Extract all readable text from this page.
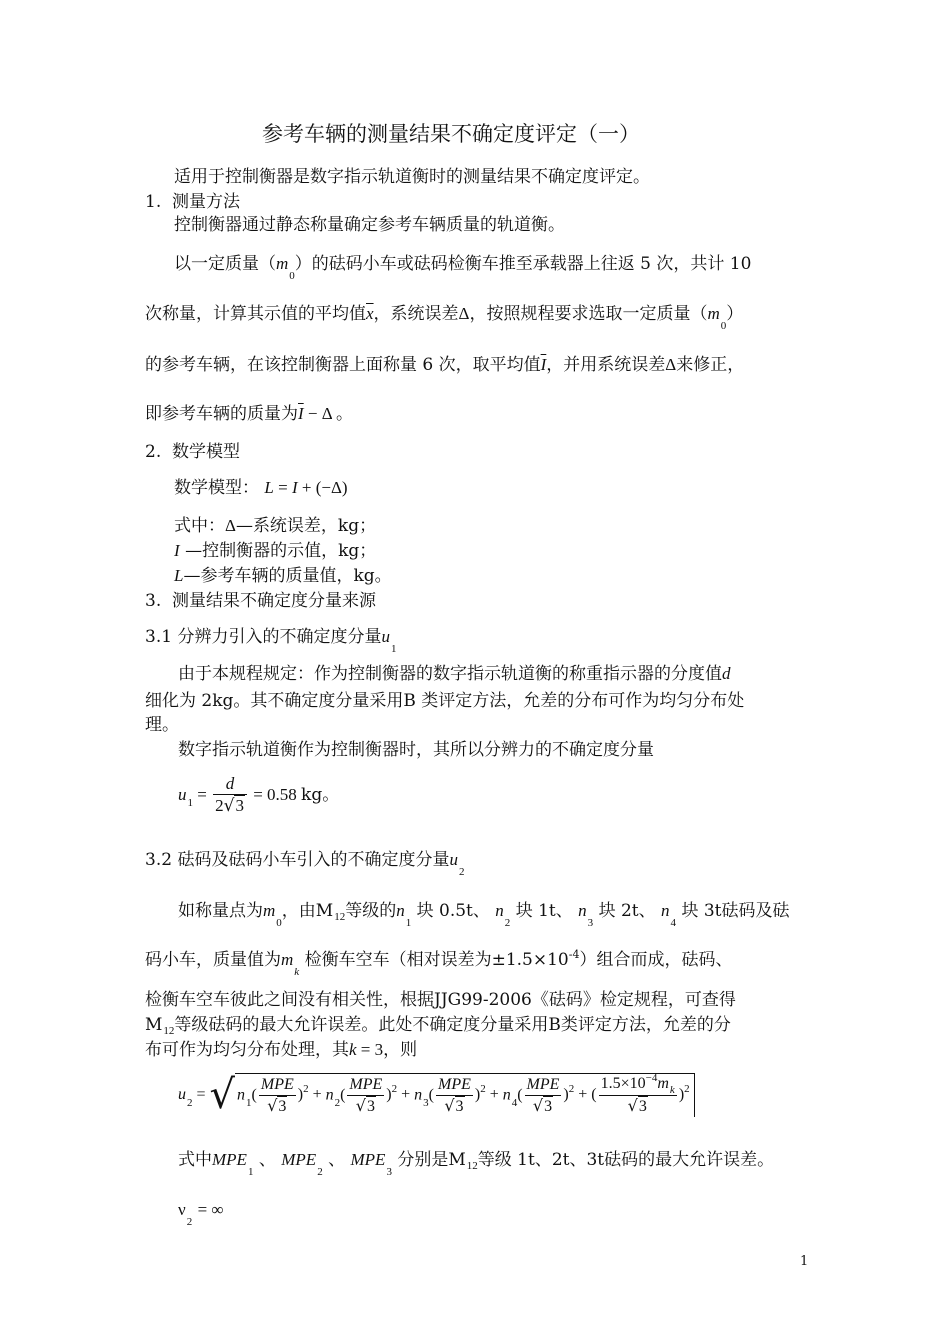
参考车辆的测量结果不确定度评定（一）
适用于控制衡器是数字指示轨道衡时的测量结果不确定度评定。
1. 测量方法
控制衡器通过静态称量确定参考车辆质量的轨道衡。
以一定质量$(m_0)$的砝码小车或砝码检衡车推至承载器上往返 5 次，共计 10
次称量，计算其示值的平均值$\overline{x}$，系统误差Δ，按照规程要求选取一定质量$(m_0)$
的参考车辆，在该控制衡器上面称量 6 次，取平均值$\overline{I}$，并用系统误差Δ来修正，
即参考车辆的质量为$\overline{I} - \Delta$ 。
2. 数学模型
数学模型： L = I + (−Δ)
式中：Δ—系统误差，kg；
I —控制衡器的示值，kg；
L—参考车辆的质量值，kg。
3. 测量结果不确定度分量来源
3.1 分辨力引入的不确定度分量$u_1$
由于本规程规定：作为控制衡器的数字指示轨道衡的称重指示器的分度值d
细化为 2kg。其不确定度分量采用B 类评定方法，允差的分布可作为均匀分布处
理。
数字指示轨道衡作为控制衡器时，其所以分辨力的不确定度分量
$u_1 = \frac{d}{2√3} = 0.58$ kg。
3.2 砝码及砝码小车引入的不确定度分量$u_2$
如称量点为$m_0$，由$M_{12}$等级的$n_1$ 块 0.5t、 $n_2$ 块 1t、 $n_3$ 块 2t、 $n_4$ 块 3t砝码及砝
码小车，质量值为$m_k$ 检衡车空车（相对误差为$\pm 1.5\times 10^{-4}$）组合而成，砝码、
检衡车空车彼此之间没有相关性，根据JJG99-2006《砝码》检定规程，可查得
$M_{12}$等级砝码的最大允许误差。此处不确定度分量采用B类评定方法，允差的分
布可作为均匀分布处理，其k = 3，则
$u_2$ = √ $n_1( \frac{\text{MPE}}{√3} )^2 + n_2( \frac{\text{MPE}}{√3} )^2 + n_3( \frac{\text{MPE}}{√3} )^2 + n_4( \frac{\text{MPE}}{√3} )^2$ + ( $\frac{1.5\times 10^{-4}m_k}{√3} )^2$
式中$MPE_1$ 、 $MPE_2$ 、 $MPE_3$ 分别是$M_{12}$等级 1t、2t、3t砝码的最大允许误差。
$\nu_2$ = ∞
1
